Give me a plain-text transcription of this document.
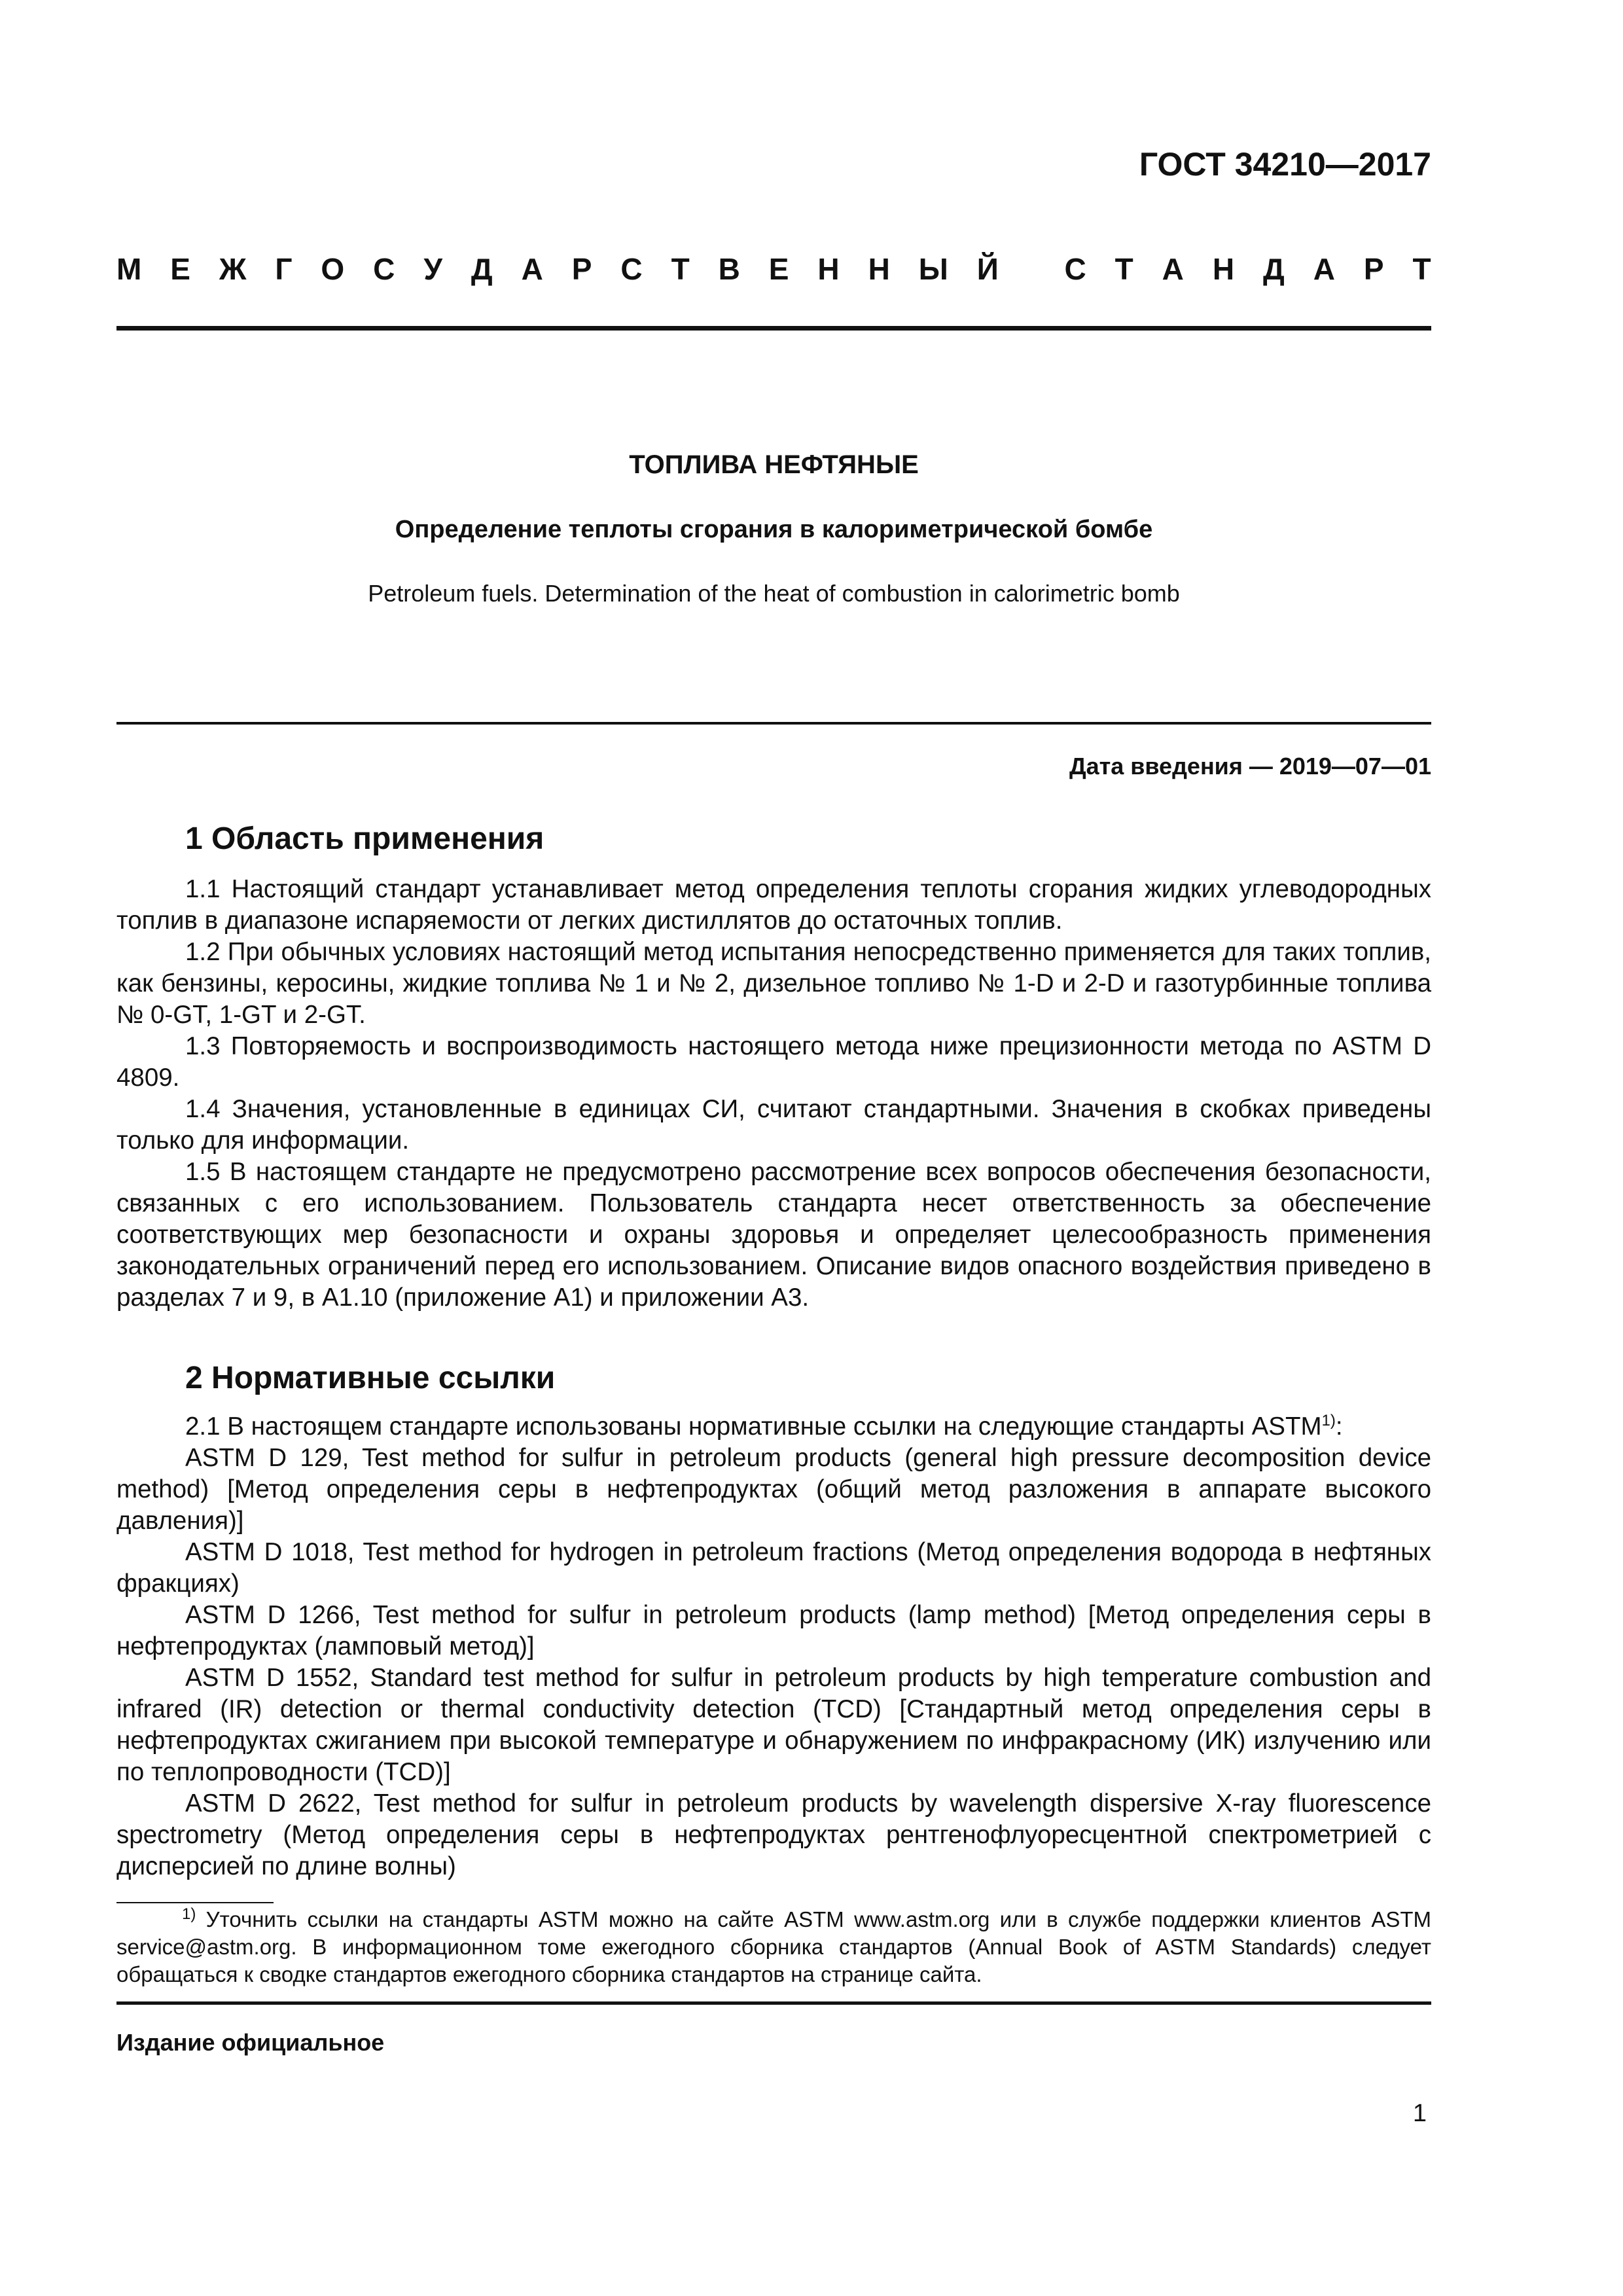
ГОСТ 34210—2017
М Е Ж Г О С У Д А Р С Т В Е Н Н Ы Й
С Т А Н Д А Р Т
ТОПЛИВА НЕФТЯНЫЕ
Определение теплоты сгорания в калориметрической бомбе
Petroleum fuels. Determination of the heat of combustion in calorimetric bomb
Дата введения — 2019—07—01
1 Область применения

1.1 Настоящий стандарт устанавливает метод определения теплоты сгорания жидких углеводородных топлив в диапазоне испаряемости от легких дистиллятов до остаточных топлив.

1.2 При обычных условиях настоящий метод испытания непосредственно применяется для таких топлив, как бензины, керосины, жидкие топлива № 1 и № 2, дизельное топливо № 1-D и 2-D и газотурбинные топлива № 0-GT, 1-GT и 2-GT.

1.3 Повторяемость и воспроизводимость настоящего метода ниже прецизионности метода по ASTM D 4809.

1.4 Значения, установленные в единицах СИ, считают стандартными. Значения в скобках приведены только для информации.

1.5 В настоящем стандарте не предусмотрено рассмотрение всех вопросов обеспечения безопасности, связанных с его использованием. Пользователь стандарта несет ответственность за обеспечение соответствующих мер безопасности и охраны здоровья и определяет целесообразность применения законодательных ограничений перед его использованием. Описание видов опасного воздействия приведено в разделах 7 и 9, в A1.10 (приложение А1) и приложении А3.

2 Нормативные ссылки

2.1 В настоящем стандарте использованы нормативные ссылки на следующие стандарты ASTM$^{1)}$:

ASTM D 129, Test method for sulfur in petroleum products (general high pressure decomposition device method) [Метод определения серы в нефтепродуктах (общий метод разложения в аппарате высокого давления)]

ASTM D 1018, Test method for hydrogen in petroleum fractions (Метод определения водорода в нефтяных фракциях)

ASTM D 1266, Test method for sulfur in petroleum products (lamp method) [Метод определения серы в нефтепродуктах (ламповый метод)]

ASTM D 1552, Standard test method for sulfur in petroleum products by high temperature combustion and infrared (IR) detection or thermal conductivity detection (TCD) [Стандартный метод определения серы в нефтепродуктах сжиганием при высокой температуре и обнаружением по инфракрасному (ИК) излучению или по теплопроводности (TCD)]

ASTM D 2622, Test method for sulfur in petroleum products by wavelength dispersive X-ray fluorescence spectrometry (Метод определения серы в нефтепродуктах рентгенофлуоресцентной спектрометрией с дисперсией по длине волны)

$^{1)}$ Уточнить ссылки на стандарты ASTM можно на сайте ASTM www.astm.org или в службе поддержки клиентов ASTM service@astm.org. В информационном томе ежегодного сборника стандартов (Annual Book of ASTM Standards) следует обращаться к сводке стандартов ежегодного сборника стандартов на странице сайта.

Издание официальное
1
